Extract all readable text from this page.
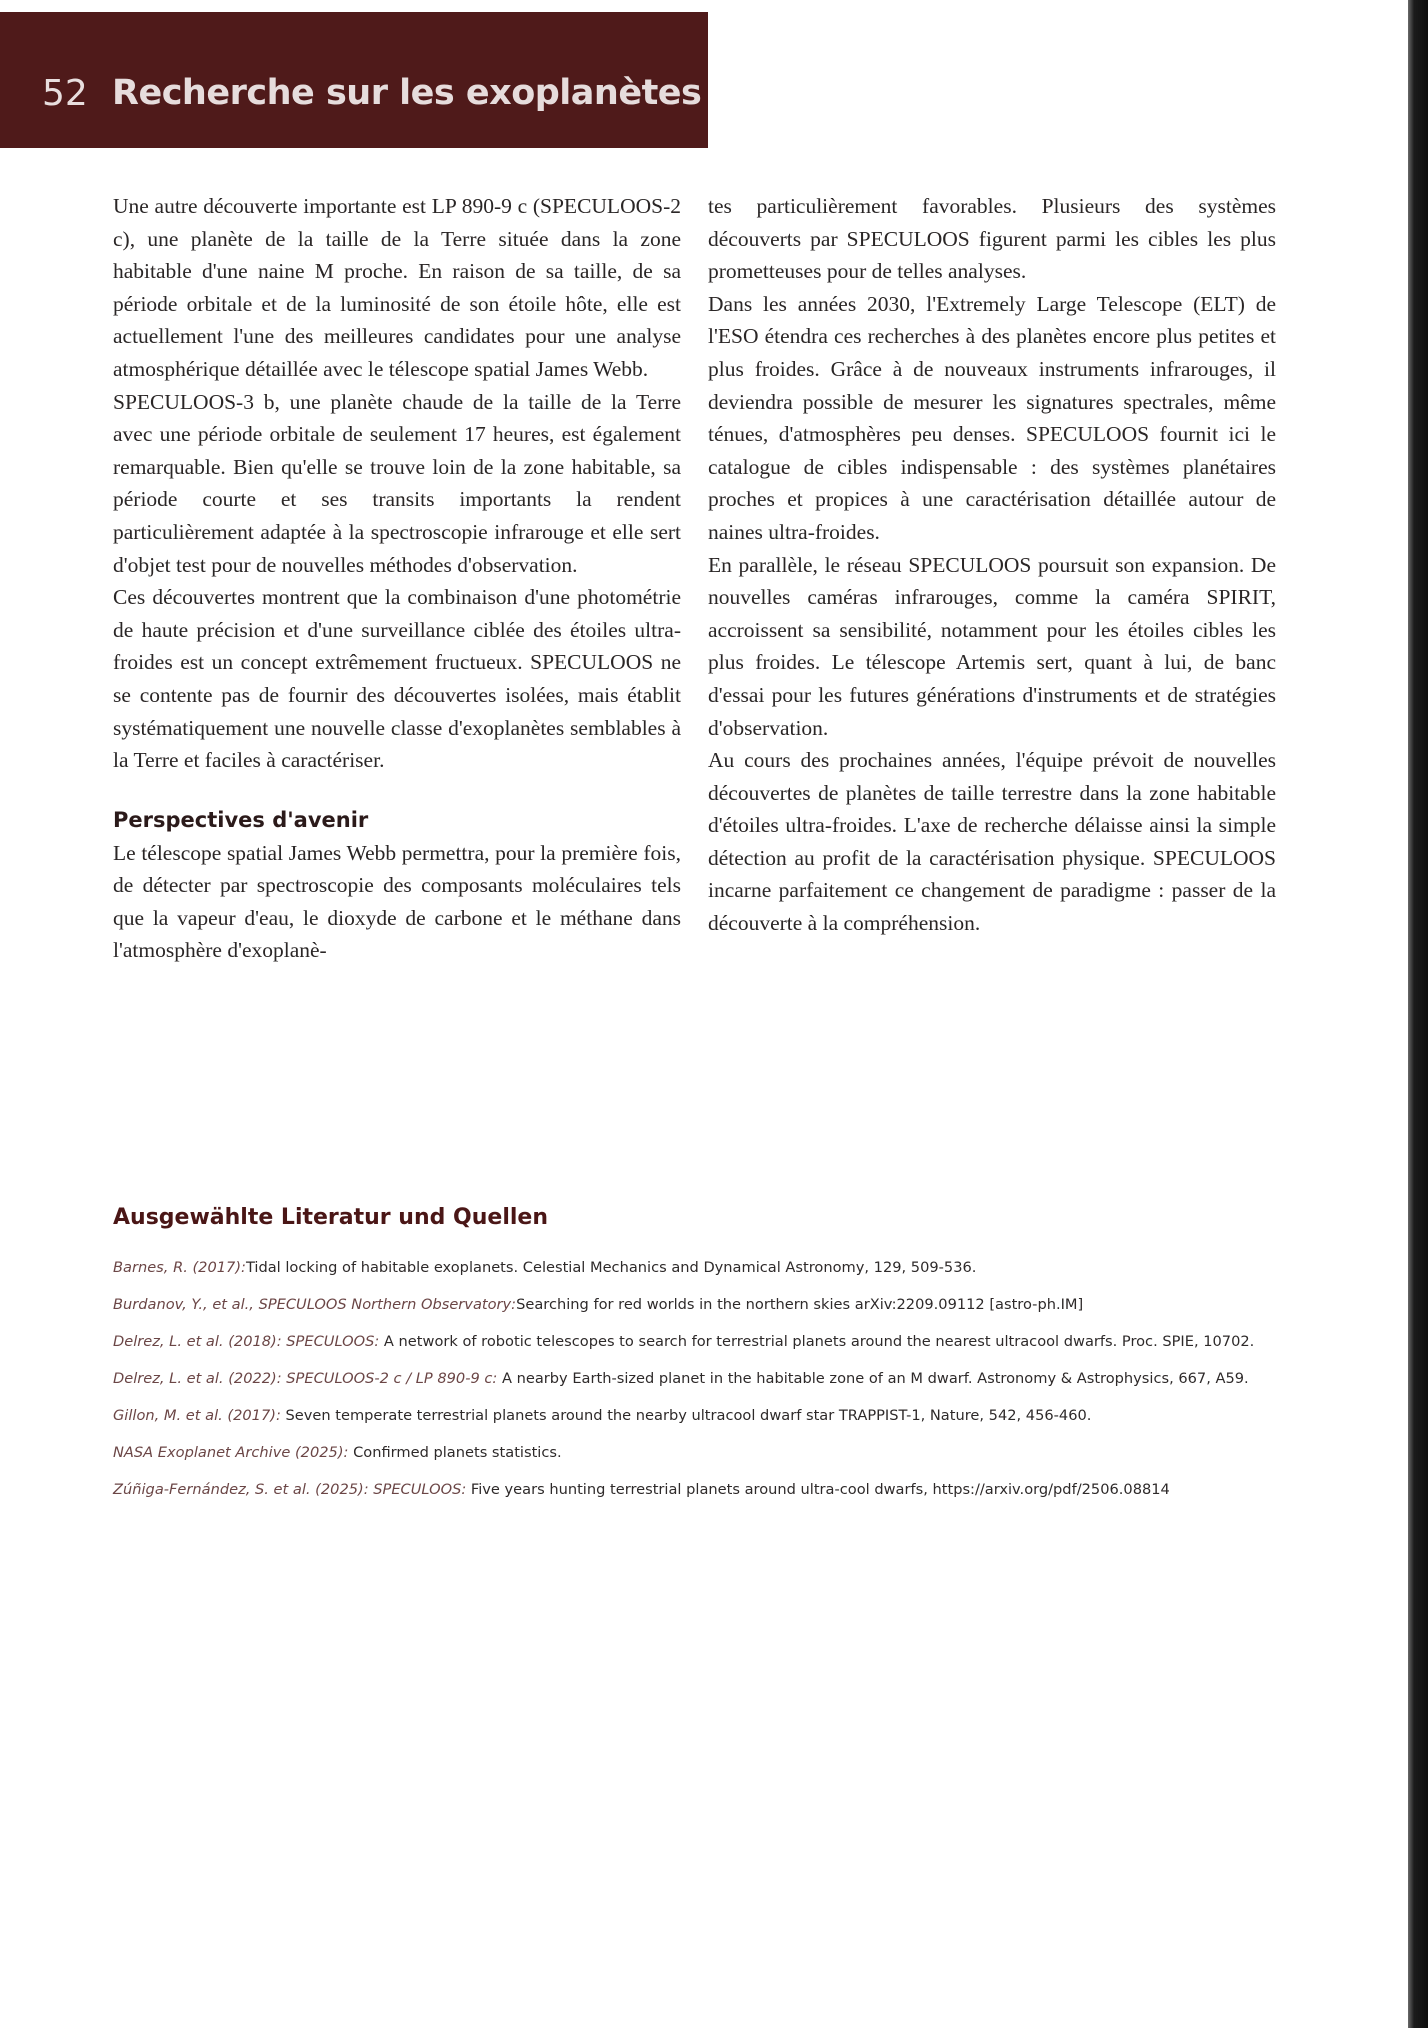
52 Recherche sur les exoplanètes

Une autre découverte importante est LP 890-9 c (SPECULOOS-2 c), une planète de la taille de la Terre située dans la zone habitable d'une naine M proche. En raison de sa taille, de sa période orbitale et de la luminosité de son étoile hôte, elle est actuellement l'une des meilleures candidates pour une analyse atmosphérique détaillée avec le télescope spatial James Webb.

SPECULOOS-3 b, une planète chaude de la taille de la Terre avec une période orbitale de seulement 17 heures, est également remarquable. Bien qu'elle se trouve loin de la zone habitable, sa période courte et ses transits importants la rendent particulièrement adaptée à la spectroscopie infrarouge et elle sert d'objet test pour de nouvelles méthodes d'observation.

Ces découvertes montrent que la combinaison d'une photométrie de haute précision et d'une surveillance ciblée des étoiles ultra-froides est un concept extrêmement fructueux. SPECULOOS ne se contente pas de fournir des découvertes isolées, mais établit systématiquement une nouvelle classe d'exoplanètes semblables à la Terre et faciles à caractériser.

Perspectives d'avenir

Le télescope spatial James Webb permettra, pour la première fois, de détecter par spectroscopie des composants moléculaires tels que la vapeur d'eau, le dioxyde de carbone et le méthane dans l'atmosphère d'exoplanè-

tes particulièrement favorables. Plusieurs des systèmes découverts par SPECULOOS figurent parmi les cibles les plus prometteuses pour de telles analyses.

Dans les années 2030, l'Extremely Large Telescope (ELT) de l'ESO étendra ces recherches à des planètes encore plus petites et plus froides. Grâce à de nouveaux instruments infrarouges, il deviendra possible de mesurer les signatures spectrales, même ténues, d'atmosphères peu denses. SPECULOOS fournit ici le catalogue de cibles indispensable : des systèmes planétaires proches et propices à une caractérisation détaillée autour de naines ultra-froides.

En parallèle, le réseau SPECULOOS poursuit son expansion. De nouvelles caméras infrarouges, comme la caméra SPIRIT, accroissent sa sensibilité, notamment pour les étoiles cibles les plus froides. Le télescope Artemis sert, quant à lui, de banc d'essai pour les futures générations d'instruments et de stratégies d'observation.

Au cours des prochaines années, l'équipe prévoit de nouvelles découvertes de planètes de taille terrestre dans la zone habitable d'étoiles ultra-froides. L'axe de recherche délaisse ainsi la simple détection au profit de la caractérisation physique. SPECULOOS incarne parfaitement ce changement de paradigme : passer de la découverte à la compréhension.

Ausgewählte Literatur und Quellen
Barnes, R. (2017):Tidal locking of habitable exoplanets. Celestial Mechanics and Dynamical Astronomy, 129, 509-536.
Burdanov, Y., et al., SPECULOOS Northern Observatory:Searching for red worlds in the northern skies arXiv:2209.09112 [astro-ph.IM]
Delrez, L. et al. (2018): SPECULOOS: A network of robotic telescopes to search for terrestrial planets around the nearest ultracool dwarfs. Proc. SPIE, 10702.
Delrez, L. et al. (2022): SPECULOOS-2 c / LP 890-9 c: A nearby Earth-sized planet in the habitable zone of an M dwarf. Astronomy & Astrophysics, 667, A59.
Gillon, M. et al. (2017): Seven temperate terrestrial planets around the nearby ultracool dwarf star TRAPPIST-1, Nature, 542, 456-460.
NASA Exoplanet Archive (2025): Confirmed planets statistics.
Zúñiga-Fernández, S. et al. (2025): SPECULOOS: Five years hunting terrestrial planets around ultra-cool dwarfs, https://arxiv.org/pdf/2506.08814
